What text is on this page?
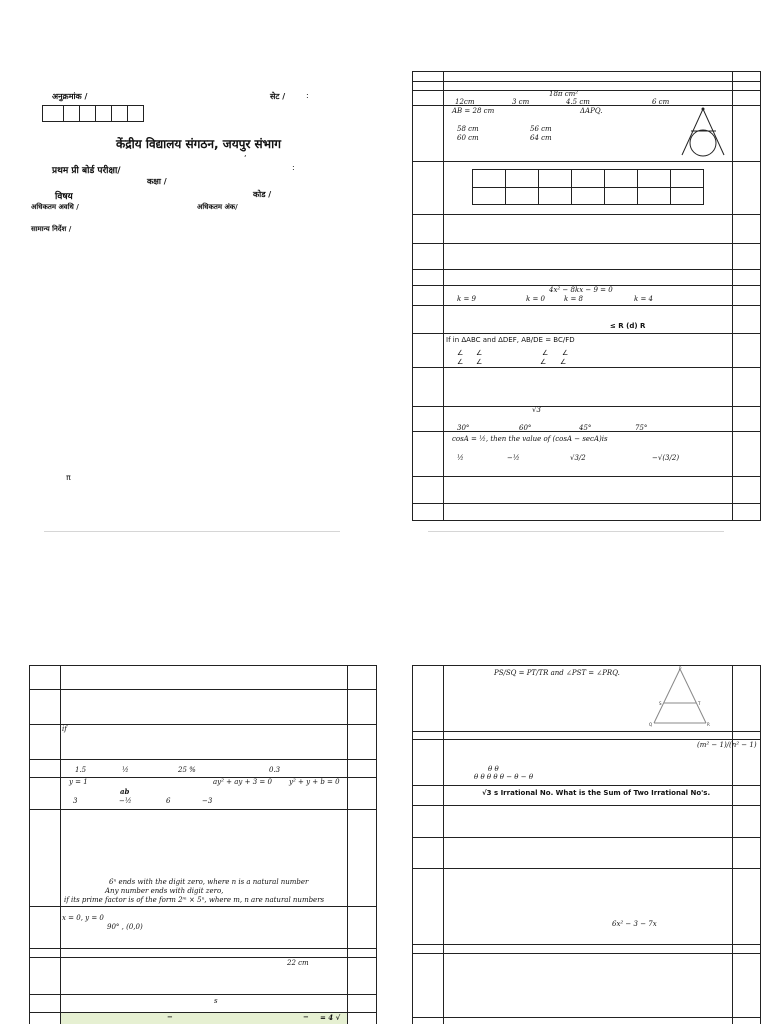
अनुक्रमांक /	सेट /	:
केंद्रीय विद्यालय संगठन, जयपुर संभाग
,
प्रथम प्री बोर्ड परीक्षा/	:
कक्षा /
विषय	कोड /
अधिकतम अवधि /	अधिकतम अंक/
सामान्य निर्देश /
π
18π cm²
12cm	3 cm	4.5 cm	6 cm
AB = 28 cm	ΔAPQ.
58 cm	56 cm
60 cm	64 cm

4x² − 8kx − 9 = 0
k = 9	k = 0	k = 8	k = 4
≤ R (d) R
If in ΔABC and ΔDEF, AB/DE = BC/FD
∠ ∠	∠ ∠
∠ ∠	∠ ∠
√3
30°	60°	45°	75°
cosA = ½, then the value of (cosA − secA)is
½	−½	√3/2	−√(3/2)
if
1.5	½	25 %	0.3
y = 1	ay² + ay + 3 = 0 y² + y + b = 0
ab
3	−½	6	−3
6ⁿ ends with the digit zero, where n is a natural number
Any number ends with digit zero,
if its prime factor is of the form 2ᵐ × 5ⁿ, where m, n are natural numbers
x = 0, y = 0
90° , (0,0)
22 cm
s
−	− = 4 √
PS/SQ = PT/TR and ∠PST = ∠PRQ.
P
S	T
Q	R
(m² − 1)/(n² − 1)
θ θ
θ θ θ θ θ − θ − θ
√3 s Irrational No. What is the Sum of Two Irrational No's.
6x² − 3 − 7x
